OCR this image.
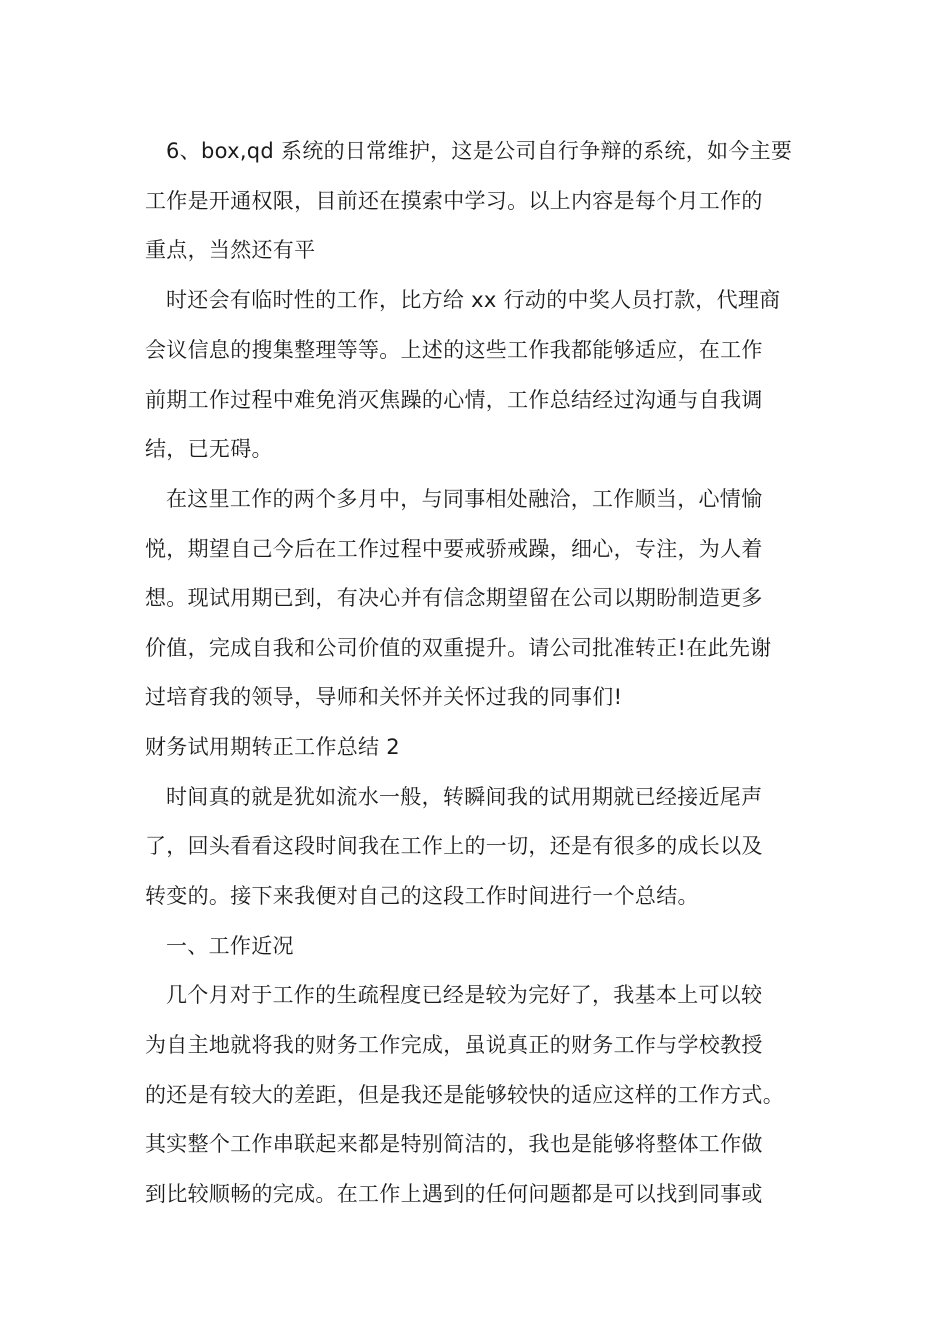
6、box,qd 系统的日常维护，这是公司自行争辩的系统，如今主要
工作是开通权限，目前还在摸索中学习。以上内容是每个月工作的
重点，当然还有平
时还会有临时性的工作，比方给 xx 行动的中奖人员打款，代理商
会议信息的搜集整理等等。上述的这些工作我都能够适应，在工作
前期工作过程中难免消灭焦躁的心情，工作总结经过沟通与自我调
结，已无碍。
在这里工作的两个多月中，与同事相处融洽，工作顺当，心情愉
悦，期望自己今后在工作过程中要戒骄戒躁，细心，专注，为人着
想。现试用期已到，有决心并有信念期望留在公司以期盼制造更多
价值，完成自我和公司价值的双重提升。请公司批准转正!在此先谢
过培育我的领导，导师和关怀并关怀过我的同事们!
财务试用期转正工作总结 2
时间真的就是犹如流水一般，转瞬间我的试用期就已经接近尾声
了，回头看看这段时间我在工作上的一切，还是有很多的成长以及
转变的。接下来我便对自己的这段工作时间进行一个总结。
一、工作近况
几个月对于工作的生疏程度已经是较为完好了，我基本上可以较
为自主地就将我的财务工作完成，虽说真正的财务工作与学校教授
的还是有较大的差距，但是我还是能够较快的适应这样的工作方式。
其实整个工作串联起来都是特别简洁的，我也是能够将整体工作做
到比较顺畅的完成。在工作上遇到的任何问题都是可以找到同事或
